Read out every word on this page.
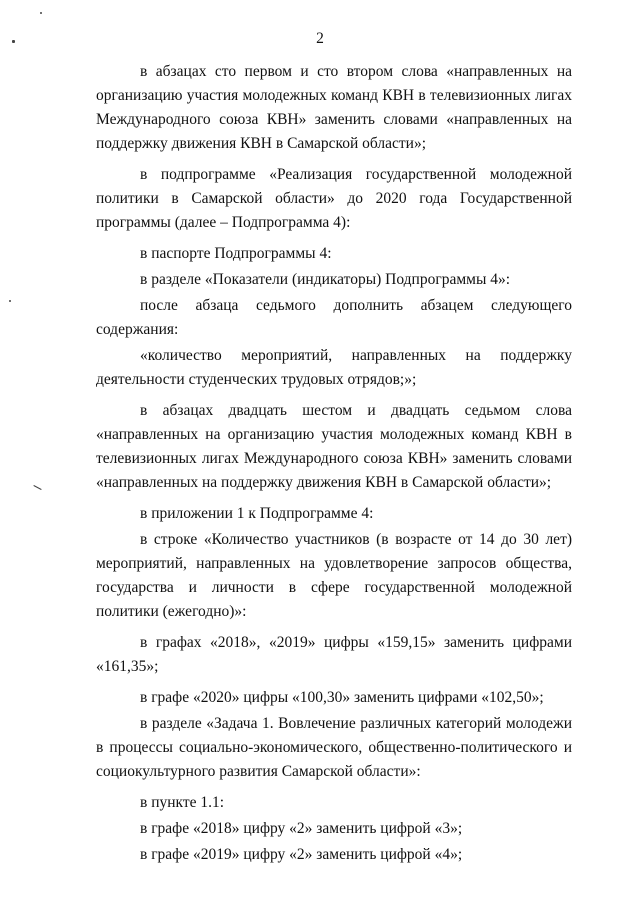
2

в абзацах сто первом и сто втором слова «направленных на организацию участия молодежных команд КВН в телевизионных лигах Международного союза КВН» заменить словами «направленных на поддержку движения КВН в Самарской области»;

в подпрограмме «Реализация государственной молодежной политики в Самарской области» до 2020 года Государственной программы (далее – Подпрограмма 4):

в паспорте Подпрограммы 4:

в разделе «Показатели (индикаторы) Подпрограммы 4»:

после абзаца седьмого дополнить абзацем следующего содержания:

«количество мероприятий, направленных на поддержку деятельности студенческих трудовых отрядов;»;

в абзацах двадцать шестом и двадцать седьмом слова «направленных на организацию участия молодежных команд КВН в телевизионных лигах Международного союза КВН» заменить словами «направленных на поддержку движения КВН в Самарской области»;

в приложении 1 к Подпрограмме 4:

в строке «Количество участников (в возрасте от 14 до 30 лет) мероприятий, направленных на удовлетворение запросов общества, государства и личности в сфере государственной молодежной политики (ежегодно)»:

в графах «2018», «2019» цифры «159,15» заменить цифрами «161,35»;

в графе «2020» цифры «100,30» заменить цифрами «102,50»;

в разделе «Задача 1. Вовлечение различных категорий молодежи в процессы социально-экономического, общественно-политического и социокультурного развития Самарской области»:

в пункте 1.1:

в графе «2018» цифру «2» заменить цифрой «3»;

в графе «2019» цифру «2» заменить цифрой «4»;
